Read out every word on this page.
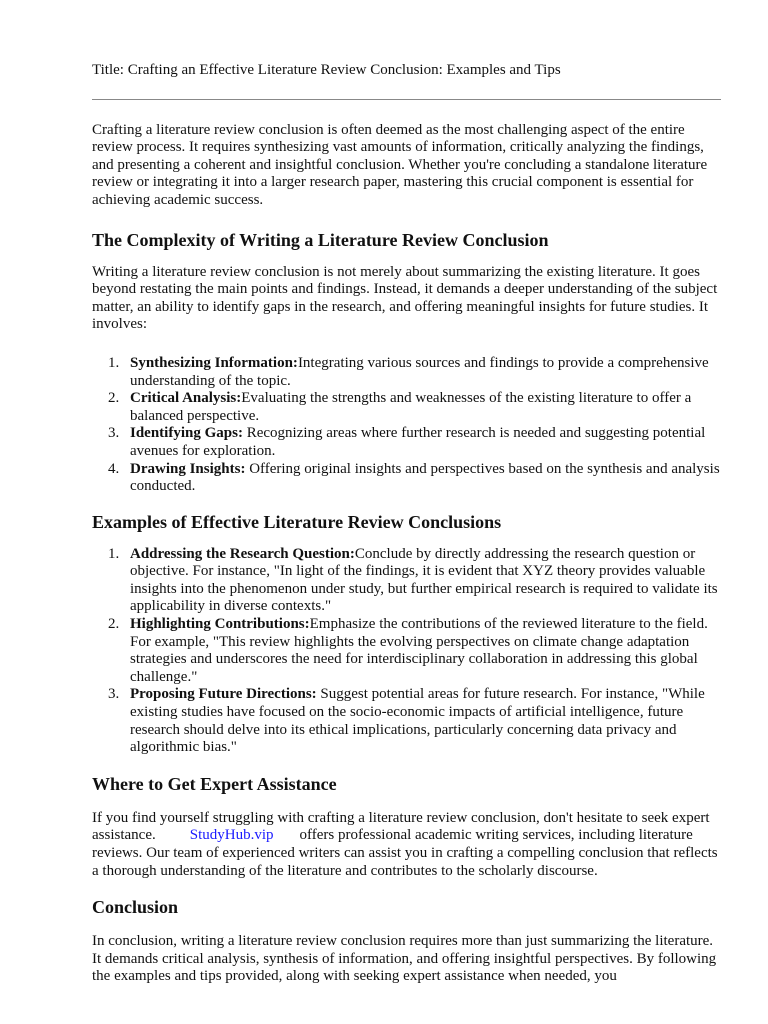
Title: Crafting an Effective Literature Review Conclusion: Examples and Tips

Crafting a literature review conclusion is often deemed as the most challenging aspect of the entire review process. It requires synthesizing vast amounts of information, critically analyzing the findings, and presenting a coherent and insightful conclusion. Whether you're concluding a standalone literature review or integrating it into a larger research paper, mastering this crucial component is essential for achieving academic success.

The Complexity of Writing a Literature Review Conclusion

Writing a literature review conclusion is not merely about summarizing the existing literature. It goes beyond restating the main points and findings. Instead, it demands a deeper understanding of the subject matter, an ability to identify gaps in the research, and offering meaningful insights for future studies. It involves:

1. Synthesizing Information:Integrating various sources and findings to provide a comprehensive understanding of the topic.
2. Critical Analysis:Evaluating the strengths and weaknesses of the existing literature to offer a balanced perspective.
3. Identifying Gaps: Recognizing areas where further research is needed and suggesting potential avenues for exploration.
4. Drawing Insights: Offering original insights and perspectives based on the synthesis and analysis conducted.
Examples of Effective Literature Review Conclusions
1. Addressing the Research Question:Conclude by directly addressing the research question or objective. For instance, "In light of the findings, it is evident that XYZ theory provides valuable insights into the phenomenon under study, but further empirical research is required to validate its applicability in diverse contexts."
2. Highlighting Contributions:Emphasize the contributions of the reviewed literature to the field. For example, "This review highlights the evolving perspectives on climate change adaptation strategies and underscores the need for interdisciplinary collaboration in addressing this global challenge."
3. Proposing Future Directions: Suggest potential areas for future research. For instance, "While existing studies have focused on the socio-economic impacts of artificial intelligence, future research should delve into its ethical implications, particularly concerning data privacy and algorithmic bias."
Where to Get Expert Assistance

If you find yourself struggling with crafting a literature review conclusion, don't hesitate to seek expert assistance. StudyHub.vip offers professional academic writing services, including literature reviews. Our team of experienced writers can assist you in crafting a compelling conclusion that reflects a thorough understanding of the literature and contributes to the scholarly discourse.

Conclusion

In conclusion, writing a literature review conclusion requires more than just summarizing the literature. It demands critical analysis, synthesis of information, and offering insightful perspectives. By following the examples and tips provided, along with seeking expert assistance when needed, you
